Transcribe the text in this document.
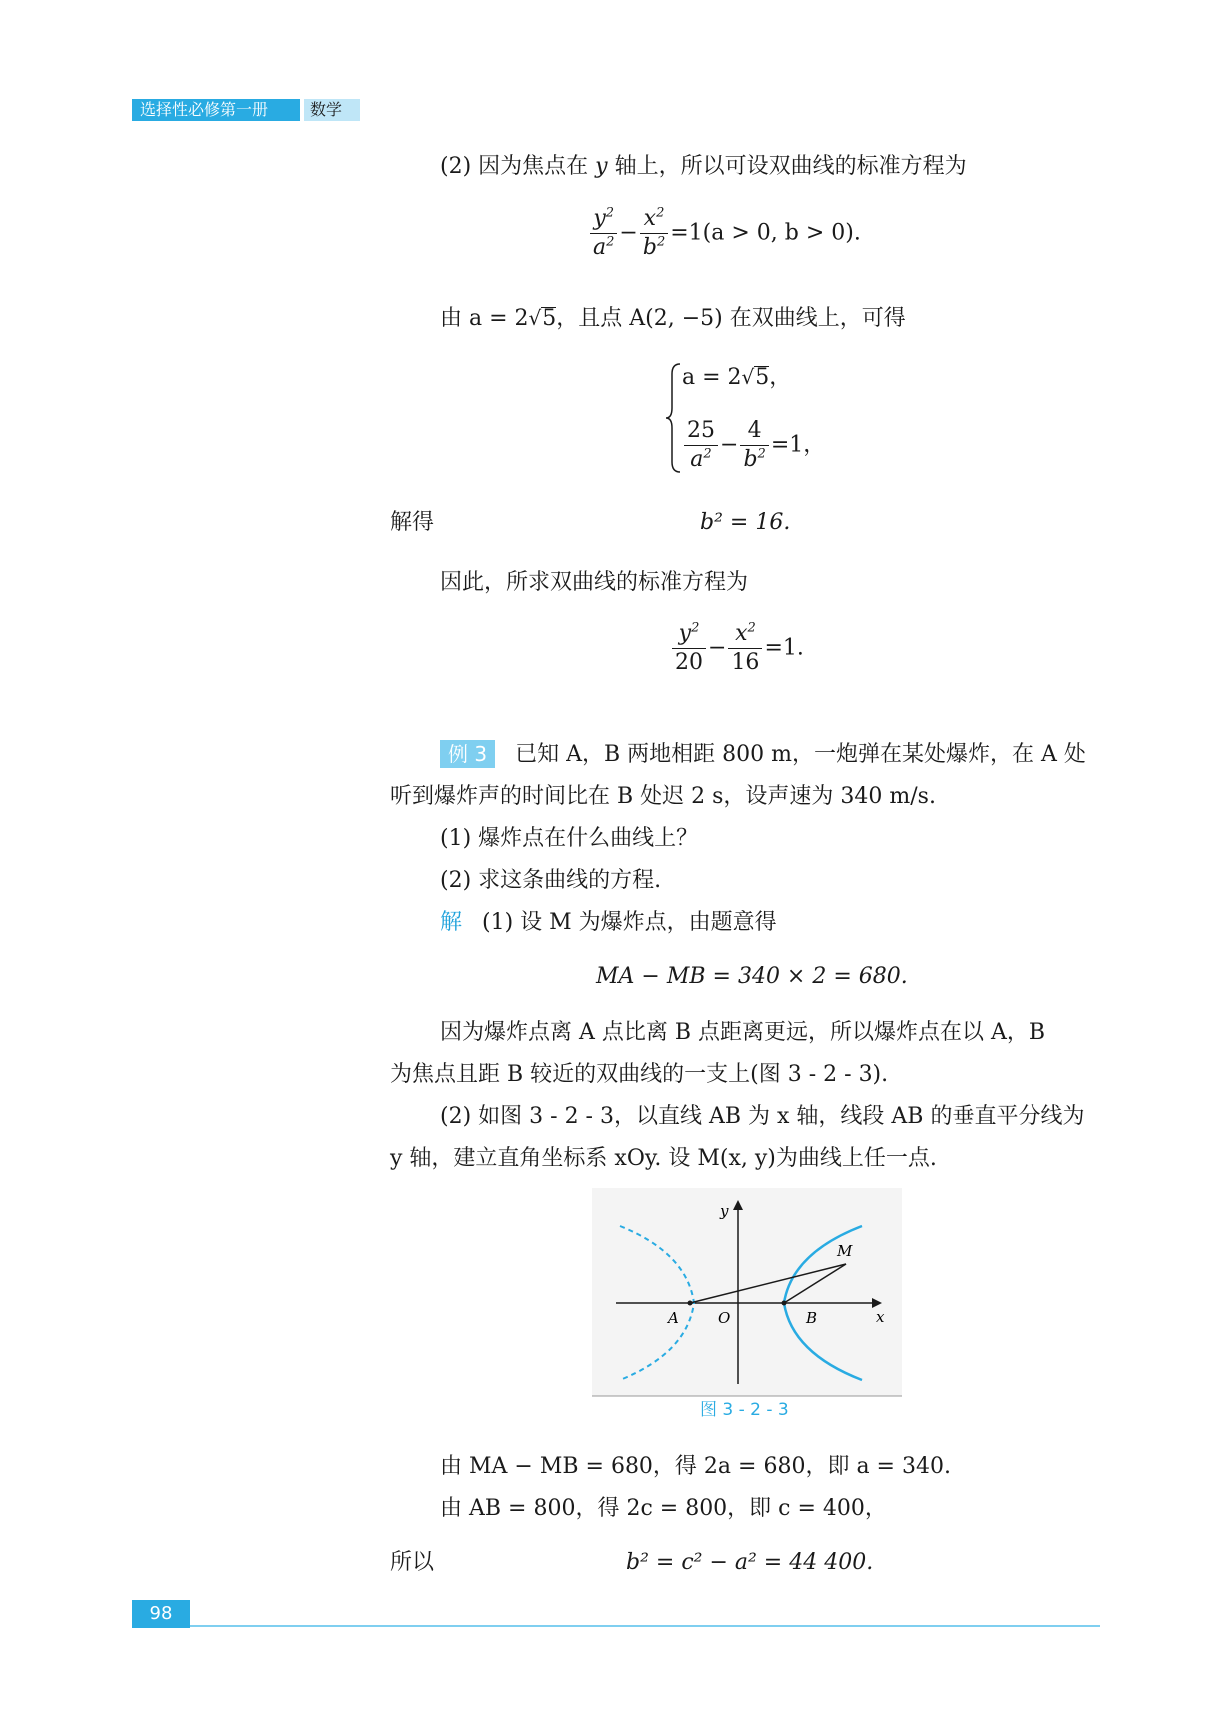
选择性必修第一册	数学
(2) 因为焦点在 y 轴上，所以可设双曲线的标准方程为
$\frac{y^2}{a^2} - \frac{x^2}{b^2} =1(a > 0$, b > 0).
由 a = 2√5，且点 A(2, −5) 在双曲线上，可得
a = 2√5，
$\frac{25}{a^2} - \frac{4}{b^2} =1$，
解得	b² = 16.
因此，所求双曲线的标准方程为
$\frac{y^2}{20} - \frac{x^2}{16} =1$.
例 3 已知 A，B 两地相距 800 m，一炮弹在某处爆炸，在 A 处
听到爆炸声的时间比在 B 处迟 2 s，设声速为 340 m/s.
(1) 爆炸点在什么曲线上？
(2) 求这条曲线的方程.
解 (1) 设 M 为爆炸点，由题意得
MA − MB = 340 × 2 = 680.
因为爆炸点离 A 点比离 B 点距离更远，所以爆炸点在以 A，B
为焦点且距 B 较近的双曲线的一支上(图 3 - 2 - 3).
(2) 如图 3 - 2 - 3，以直线 AB 为 x 轴，线段 AB 的垂直平分线为
y 轴，建立直角坐标系 xOy. 设 M(x, y)为曲线上任一点.
y
x
O
A	B
M
图 3 - 2 - 3
由 MA − MB = 680，得 2a = 680，即 a = 340.
由 AB = 800，得 2c = 800，即 c = 400，
所以	b² = c² − a² = 44 400.
98
